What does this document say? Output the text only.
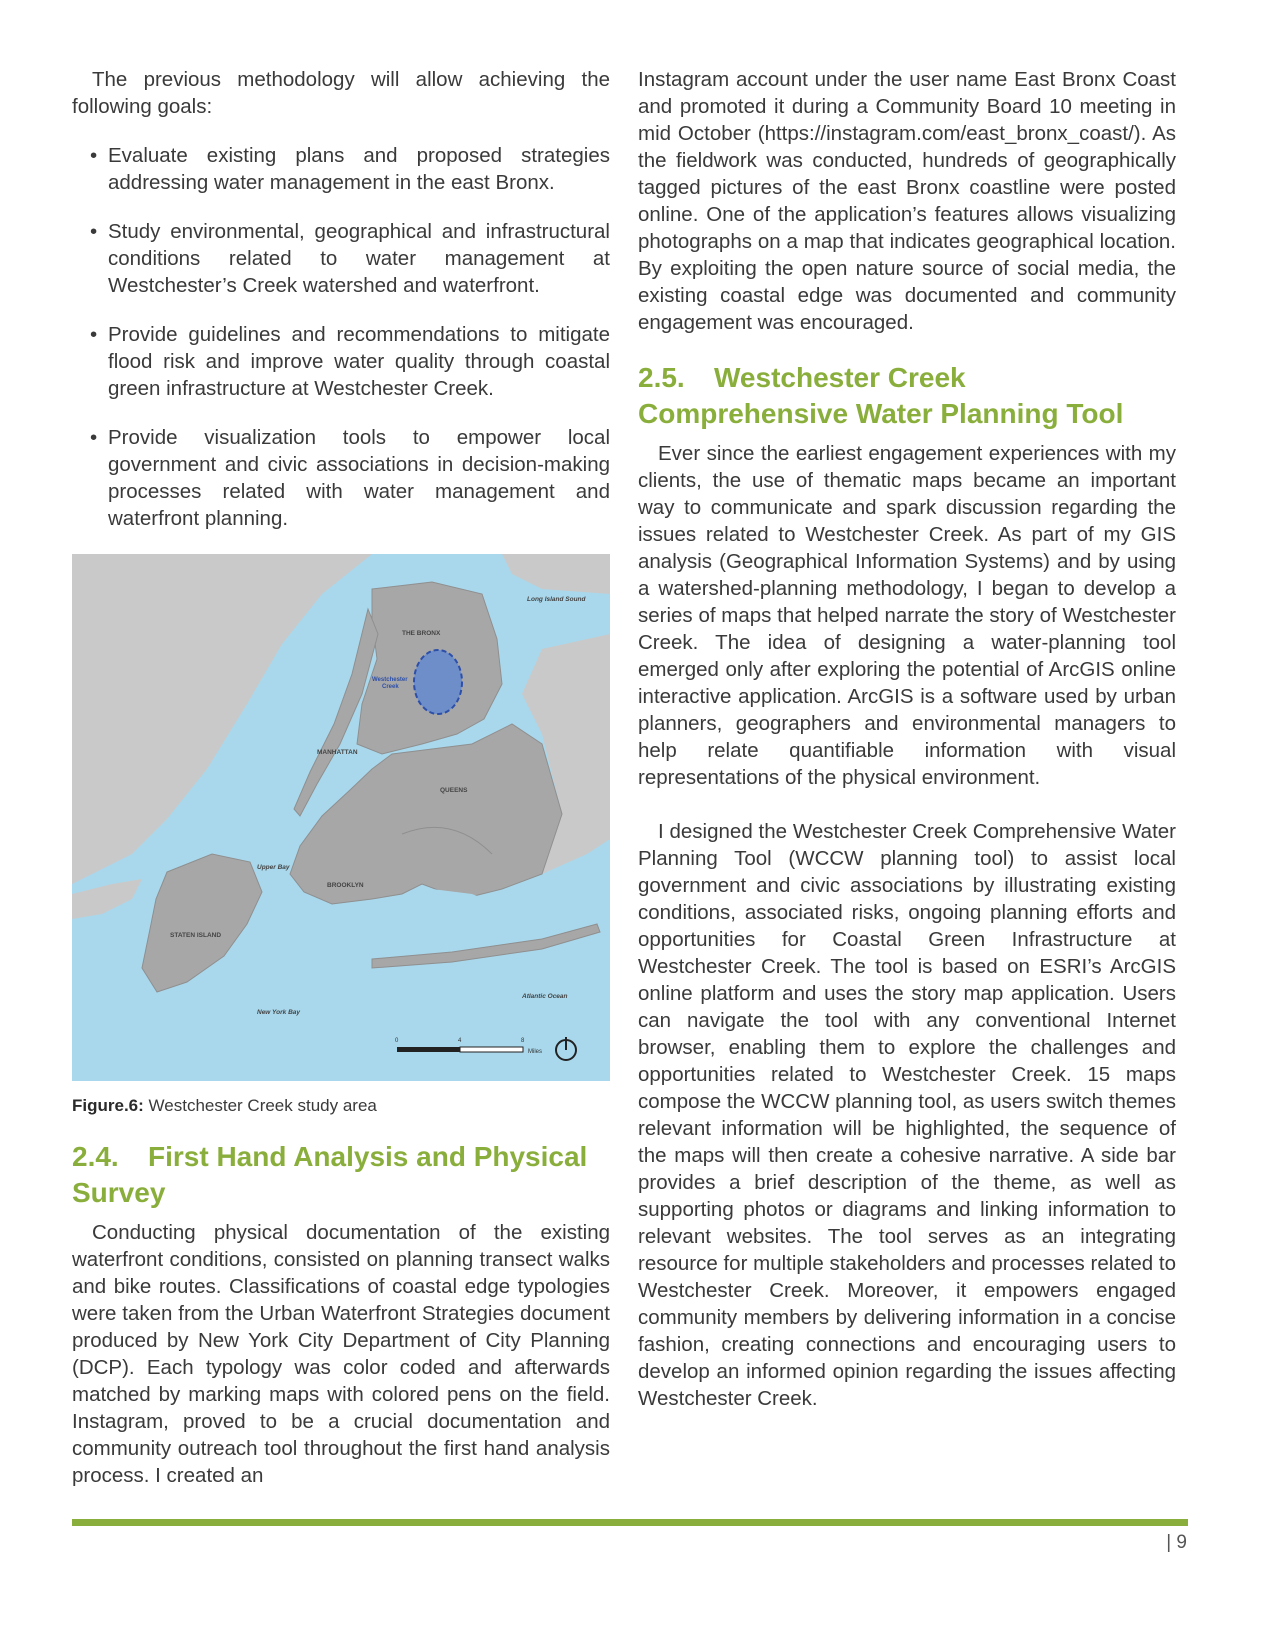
The previous methodology will allow achieving the following goals:

• Evaluate existing plans and proposed strategies addressing water management in the east Bronx.
• Study environmental, geographical and infrastructural conditions related to water management at Westchester’s Creek watershed and waterfront.
• Provide guidelines and recommendations to mitigate flood risk and improve water quality through coastal green infrastructure at Westchester Creek.
• Provide visualization tools to empower local government and civic associations in decision-making processes related with water management and waterfront planning.
Long Island Sound
THE BRONX
Westchester
Creek
MANHATTAN
QUEENS
BROOKLYN
STATEN ISLAND
Upper Bay
New York Bay
Atlantic Ocean
0	4	8
Miles
Figure.6: Westchester Creek study area
2.4. First Hand Analysis and Physical Survey

Conducting physical documentation of the existing waterfront conditions, consisted on planning transect walks and bike routes. Classifications of coastal edge typologies were taken from the Urban Waterfront Strategies document produced by New York City Department of City Planning (DCP). Each typology was color coded and afterwards matched by marking maps with colored pens on the field. Instagram, proved to be a crucial documentation and community outreach tool throughout the first hand analysis process. I created an

Instagram account under the user name East Bronx Coast and promoted it during a Community Board 10 meeting in mid October (https://instagram.com/east_bronx_coast/). As the fieldwork was conducted, hundreds of geographically tagged pictures of the east Bronx coastline were posted online. One of the application’s features allows visualizing photographs on a map that indicates geographical location. By exploiting the open nature source of social media, the existing coastal edge was documented and community engagement was encouraged.

2.5. Westchester Creek Comprehensive Water Planning Tool

Ever since the earliest engagement experiences with my clients, the use of thematic maps became an important way to communicate and spark discussion regarding the issues related to Westchester Creek. As part of my GIS analysis (Geographical Information Systems) and by using a watershed-planning methodology, I began to develop a series of maps that helped narrate the story of Westchester Creek. The idea of designing a water-planning tool emerged only after exploring the potential of ArcGIS online interactive application. ArcGIS is a software used by urban planners, geographers and environmental managers to help relate quantifiable information with visual representations of the physical environment.

I designed the Westchester Creek Comprehensive Water Planning Tool (WCCW planning tool) to assist local government and civic associations by illustrating existing conditions, associated risks, ongoing planning efforts and opportunities for Coastal Green Infrastructure at Westchester Creek. The tool is based on ESRI’s ArcGIS online platform and uses the story map application. Users can navigate the tool with any conventional Internet browser, enabling them to explore the challenges and opportunities related to Westchester Creek. 15 maps compose the WCCW planning tool, as users switch themes relevant information will be highlighted, the sequence of the maps will then create a cohesive narrative. A side bar provides a brief description of the theme, as well as supporting photos or diagrams and linking information to relevant websites. The tool serves as an integrating resource for multiple stakeholders and processes related to Westchester Creek. Moreover, it empowers engaged community members by delivering information in a concise fashion, creating connections and encouraging users to develop an informed opinion regarding the issues affecting Westchester Creek.

| 9
